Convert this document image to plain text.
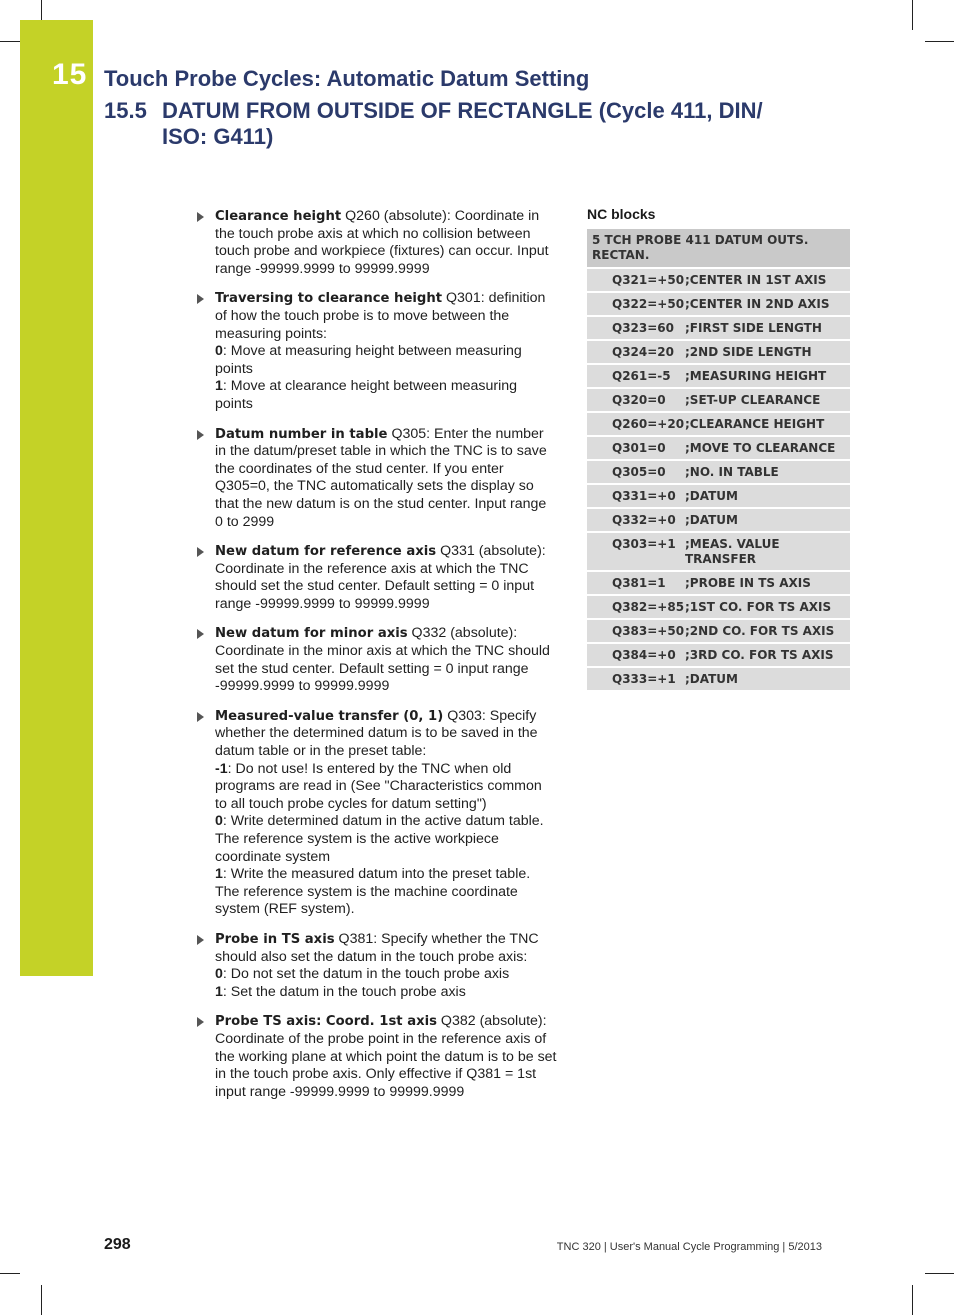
15 Touch Probe Cycles: Automatic Datum Setting
15.5 DATUM FROM OUTSIDE OF RECTANGLE (Cycle 411, DIN/
ISO: G411)
Clearance height Q260 (absolute): Coordinate in the touch probe axis at which no collision between touch probe and workpiece (fixtures) can occur. Input range -99999.9999 to 99999.9999
Traversing to clearance height Q301: definition of how the touch probe is to move between the measuring points:
0: Move at measuring height between measuring points
1: Move at clearance height between measuring points
Datum number in table Q305: Enter the number in the datum/preset table in which the TNC is to save the coordinates of the stud center. If you enter Q305=0, the TNC automatically sets the display so that the new datum is on the stud center. Input range 0 to 2999
New datum for reference axis Q331 (absolute): Coordinate in the reference axis at which the TNC should set the stud center. Default setting = 0 input range -99999.9999 to 99999.9999
New datum for minor axis Q332 (absolute): Coordinate in the minor axis at which the TNC should set the stud center. Default setting = 0 input range -99999.9999 to 99999.9999
Measured-value transfer (0, 1) Q303: Specify whether the determined datum is to be saved in the datum table or in the preset table:
-1: Do not use! Is entered by the TNC when old programs are read in (See "Characteristics common to all touch probe cycles for datum setting")
0: Write determined datum in the active datum table. The reference system is the active workpiece coordinate system
1: Write the measured datum into the preset table. The reference system is the machine coordinate system (REF system).
Probe in TS axis Q381: Specify whether the TNC should also set the datum in the touch probe axis:
0: Do not set the datum in the touch probe axis
1: Set the datum in the touch probe axis
Probe TS axis: Coord. 1st axis Q382 (absolute): Coordinate of the probe point in the reference axis of the working plane at which point the datum is to be set in the touch probe axis. Only effective if Q381 = 1st input range -99999.9999 to 99999.9999
NC blocks
5 TCH PROBE 411 DATUM OUTS. RECTAN.	
Q321=+50	;CENTER IN 1ST AXIS
Q322=+50	;CENTER IN 2ND AXIS
Q323=60	;FIRST SIDE LENGTH
Q324=20	;2ND SIDE LENGTH
Q261=-5	;MEASURING HEIGHT
Q320=0	;SET-UP CLEARANCE
Q260=+20	;CLEARANCE HEIGHT
Q301=0	;MOVE TO CLEARANCE
Q305=0	;NO. IN TABLE
Q331=+0	;DATUM
Q332=+0	;DATUM
Q303=+1	;MEAS. VALUE TRANSFER
Q381=1	;PROBE IN TS AXIS
Q382=+85	;1ST CO. FOR TS AXIS
Q383=+50	;2ND CO. FOR TS AXIS
Q384=+0	;3RD CO. FOR TS AXIS
Q333=+1	;DATUM
298	TNC 320 | User's Manual Cycle Programming | 5/2013
